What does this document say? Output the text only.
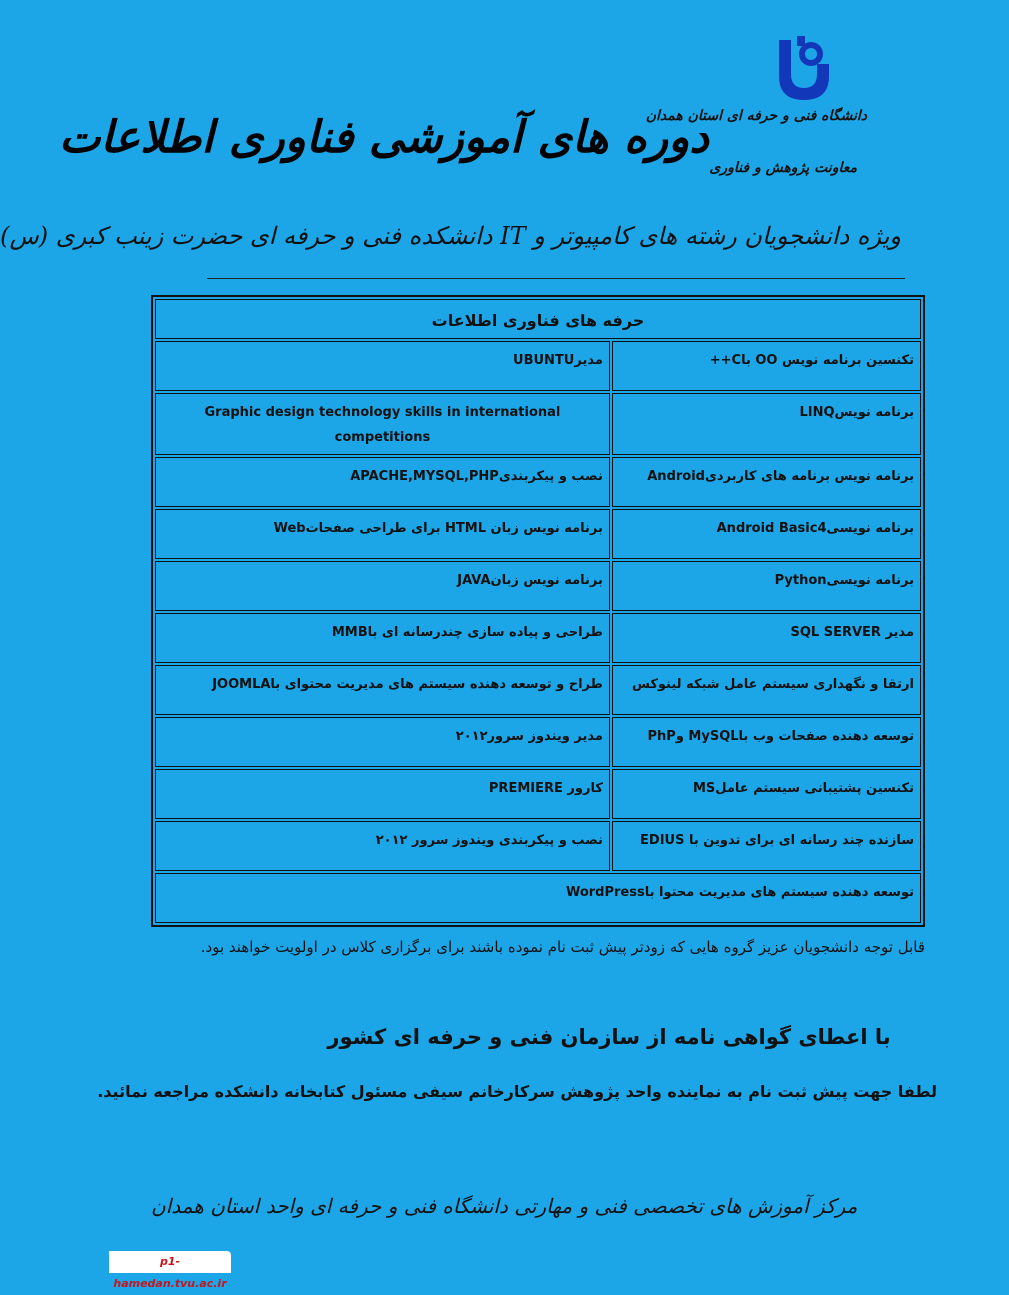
دانشگاه فنی و حرفه ای استان همدان
معاونت پژوهش و فناوری
دوره های آموزشی فناوری اطلاعات
ویژه دانشجویان رشته های کامپیوتر و IT دانشکده فنی و حرفه ای حضرت زینب کبری (س)
حرفه های فناوری اطلاعات	
تکنسین برنامه نویس OO باC++	مدیرUBUNTU
برنامه نویسLINQ	Graphic design technology skills in international competitions
برنامه نویس برنامه های کاربردیAndroid	نصب و پیکربندیAPACHE,MYSQL,PHP
برنامه نویسیAndroid Basic4	برنامه نویس زبان HTML برای طراحی صفحاتWeb
برنامه نویسیPython	برنامه نویس زبانJAVA
مدیر SQL SERVER	طراحی و پیاده سازی چندرسانه ای باMMB
ارتقا و نگهداری سیستم عامل شبکه لینوکس	طراح و توسعه دهنده سیستم های مدیریت محتوای باJOOMLA
توسعه دهنده صفحات وب باMySQL وPhP	مدیر ویندوز سرور۲۰۱۲
تکنسین پشتیبانی سیستم عاملMS	کارور PREMIERE
سازنده چند رسانه ای برای تدوین با EDIUS	نصب و پیکربندی ویندوز سرور ۲۰۱۲
توسعه دهنده سیستم های مدیریت محتوا باWordPress	
قابل توجه دانشجویان عزیز گروه هایی که زودتر پیش ثبت نام نموده باشند برای برگزاری کلاس در اولویت خواهند بود.
با اعطای گواهی نامه از سازمان فنی و حرفه ای کشور
لطفا جهت پیش ثبت نام به نماینده واحد پژوهش سرکارخانم سیفی مسئول کتابخانه دانشکده مراجعه نمائید.
مرکز آموزش های تخصصی فنی و مهارتی دانشگاه فنی و حرفه ای واحد استان همدان
p1-hamedan.tvu.ac.ir
